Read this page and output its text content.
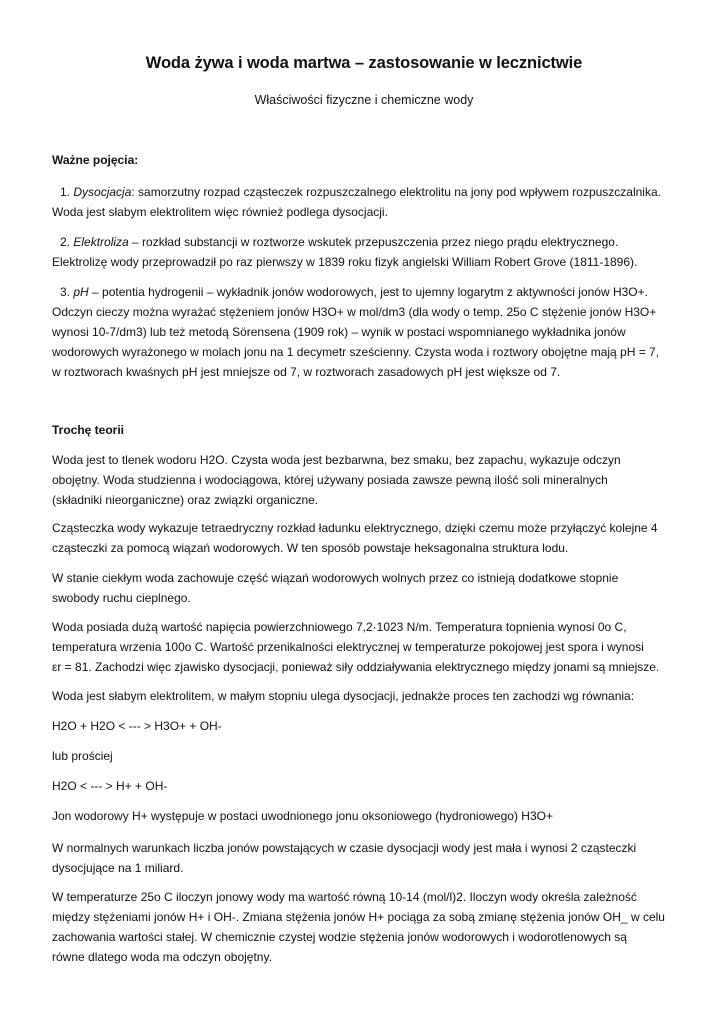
Woda żywa i woda martwa – zastosowanie w lecznictwie
Właściwości fizyczne i chemiczne wody
Ważne pojęcia:
1. Dysocjacja: samorzutny rozpad cząsteczek rozpuszczalnego elektrolitu na jony pod wpływem rozpuszczalnika.
Woda jest słabym elektrolitem więc również podlega dysocjacji.
2. Elektroliza – rozkład substancji w roztworze wskutek przepuszczenia przez niego prądu elektrycznego.
Elektrolizę wody przeprowadził po raz pierwszy w 1839 roku fizyk angielski William Robert Grove (1811-1896).
3. pH – potentia hydrogenii – wykładnik jonów wodorowych, jest to ujemny logarytm z aktywności jonów H3O+.
Odczyn cieczy można wyrażać stężeniem jonów H3O+ w mol/dm3 (dla wody o temp. 25o C stężenie jonów H3O+
wynosi 10-7/dm3) lub też metodą Sörensena (1909 rok) – wynik w postaci wspomnianego wykładnika jonów
wodorowych wyrażonego w molach jonu na 1 decymetr sześcienny. Czysta woda i roztwory obojętne mają pH = 7,
w roztworach kwaśnych pH jest mniejsze od 7, w roztworach zasadowych pH jest większe od 7.
Trochę teorii
Woda jest to tlenek wodoru H2O. Czysta woda jest bezbarwna, bez smaku, bez zapachu, wykazuje odczyn
obojętny. Woda studzienna i wodociągowa, której używany posiada zawsze pewną ilość soli mineralnych
(składniki nieorganiczne) oraz związki organiczne.
Cząsteczka wody wykazuje tetraedryczny rozkład ładunku elektrycznego, dzięki czemu może przyłączyć kolejne 4
cząsteczki za pomocą wiązań wodorowych. W ten sposób powstaje heksagonalna struktura lodu.
W stanie ciekłym woda zachowuje część wiązań wodorowych wolnych przez co istnieją dodatkowe stopnie
swobody ruchu cieplnego.
Woda posiada dużą wartość napięcia powierzchniowego 7,2·1023 N/m. Temperatura topnienia wynosi 0o C,
temperatura wrzenia 100o C. Wartość przenikalności elektrycznej w temperaturze pokojowej jest spora i wynosi
εr = 81. Zachodzi więc zjawisko dysocjacji, ponieważ siły oddziaływania elektrycznego między jonami są mniejsze.
Woda jest słabym elektrolitem, w małym stopniu ulega dysocjacji, jednakże proces ten zachodzi wg równania:
H2O + H2O < --- > H3O+ + OH-
lub prościej
H2O < --- > H+ + OH-
Jon wodorowy H+ występuje w postaci uwodnionego jonu oksoniowego (hydroniowego) H3O+
W normalnych warunkach liczba jonów powstających w czasie dysocjacji wody jest mała i wynosi 2 cząsteczki
dysocjujące na 1 miliard.
W temperaturze 25o C iloczyn jonowy wody ma wartość równą 10-14 (mol/l)2. Iloczyn wody określa zależność
między stężeniami jonów H+ i OH-. Zmiana stężenia jonów H+ pociąga za sobą zmianę stężenia jonów OH_ w celu
zachowania wartości stałej. W chemicznie czystej wodzie stężenia jonów wodorowych i wodorotlenowych są
równe dlatego woda ma odczyn obojętny.
